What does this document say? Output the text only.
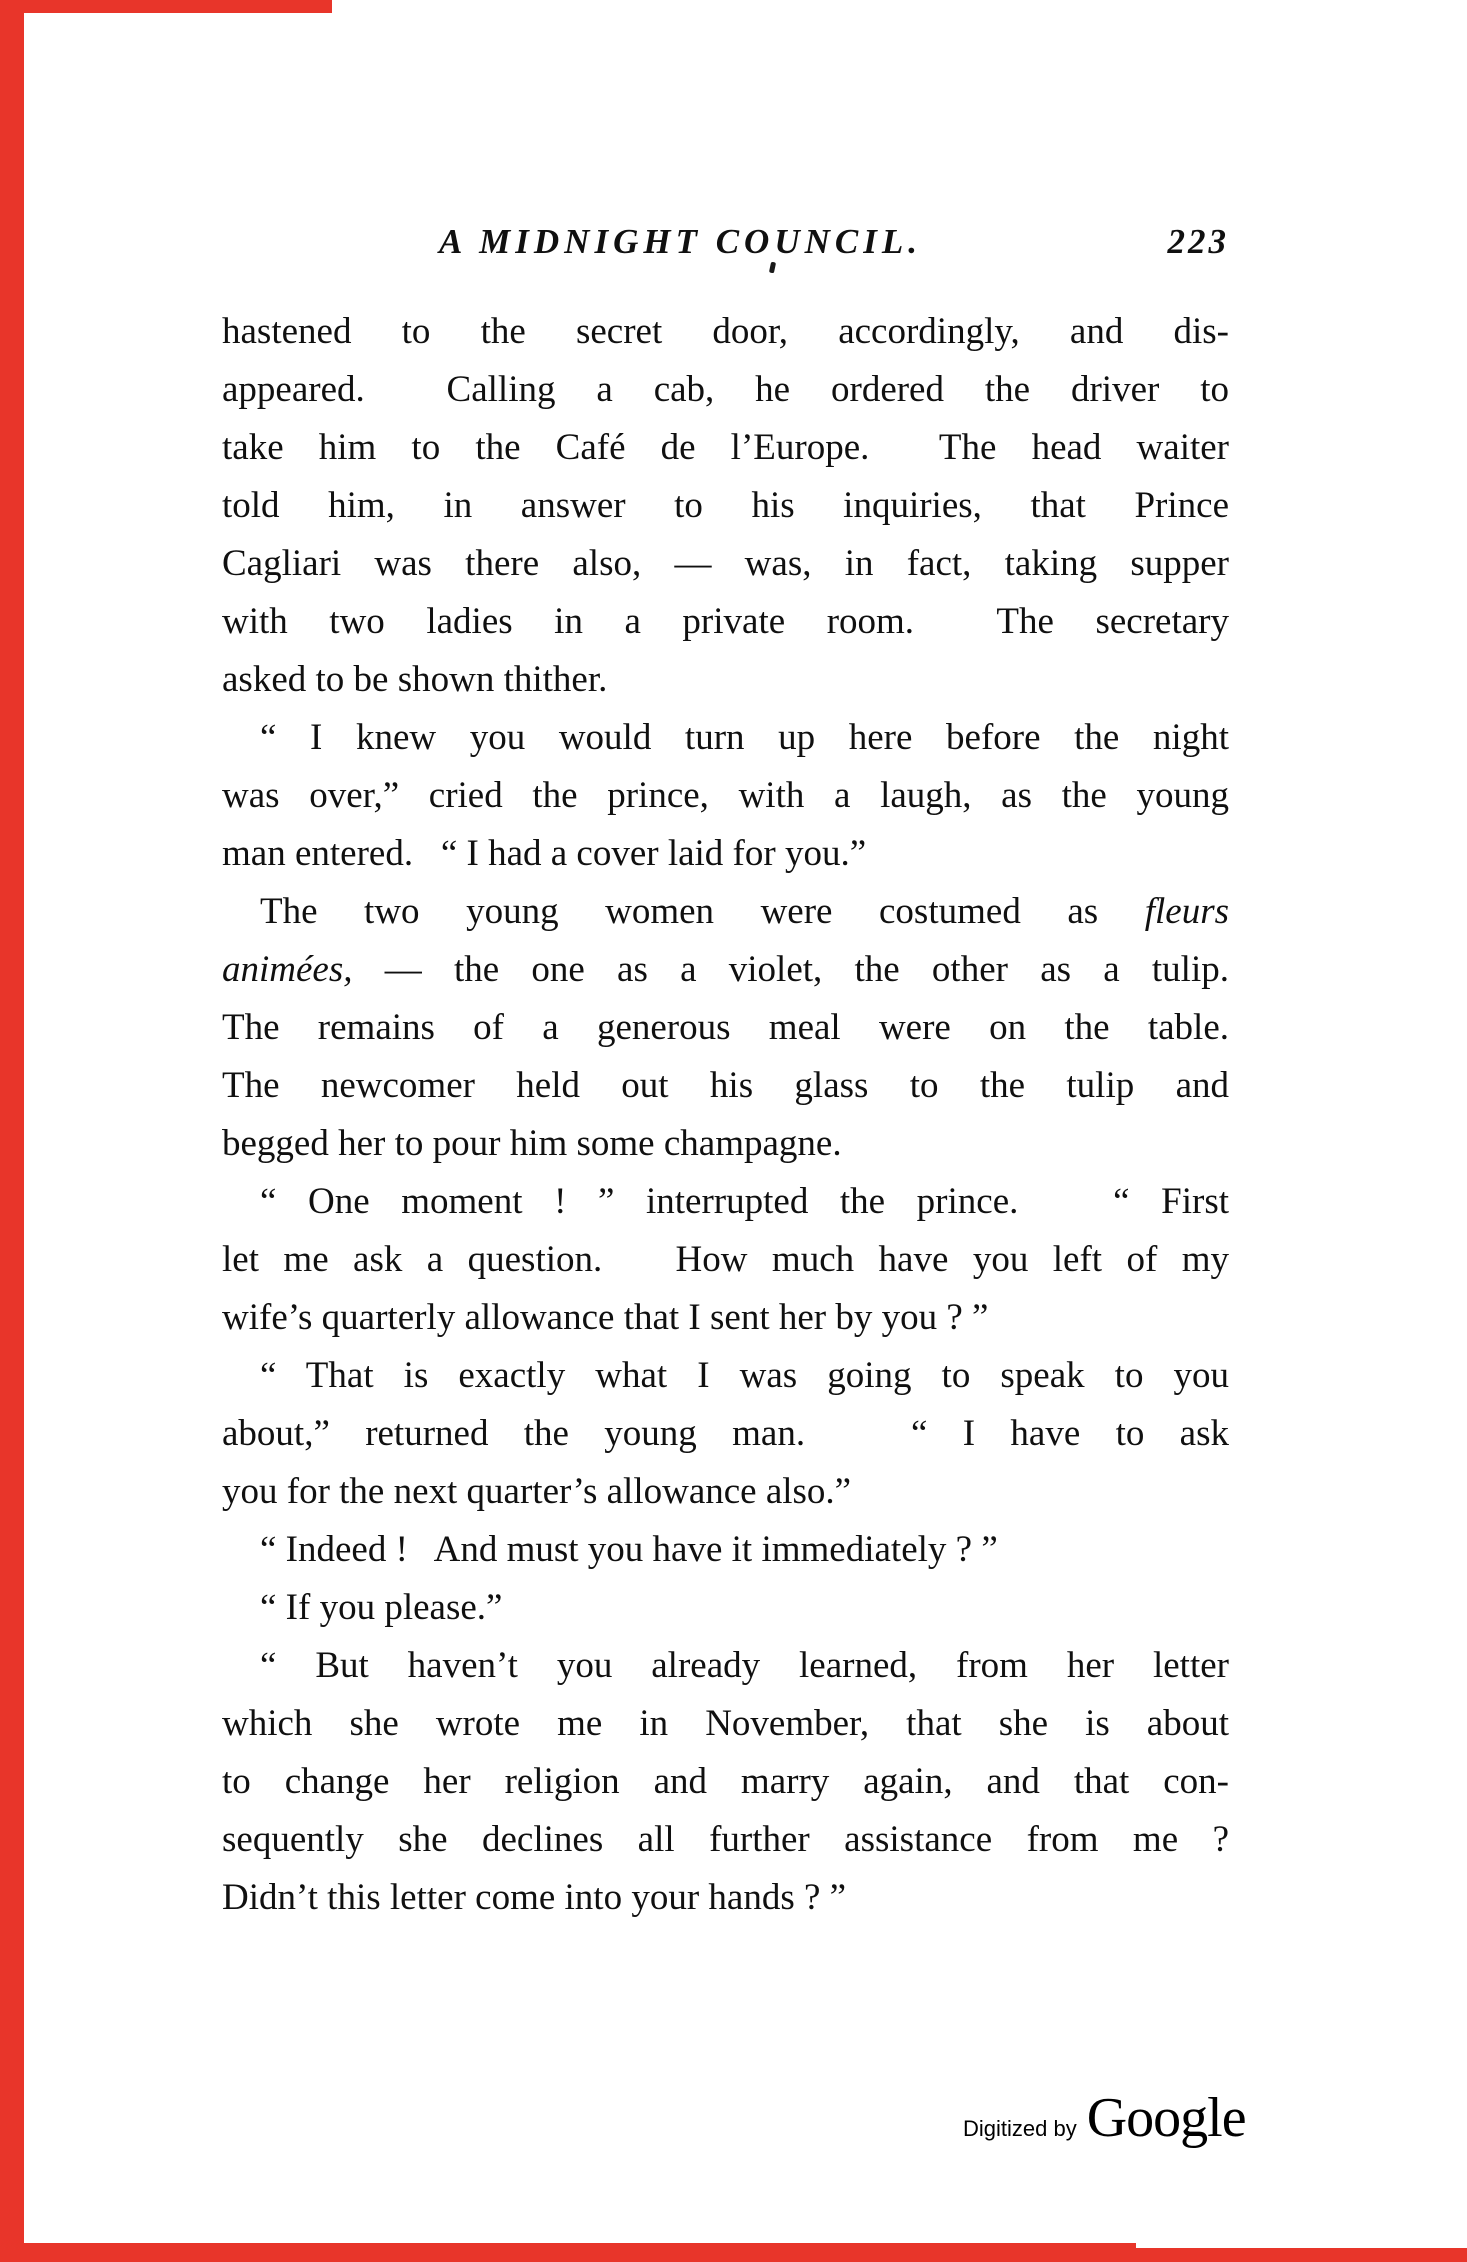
A MIDNIGHT COUNCIL.	223
hastened to the secret door, accordingly, and dis-
appeared.  Calling a cab, he ordered the driver to
take him to the Café de l’Europe.  The head waiter
told him, in answer to his inquiries, that Prince
Cagliari was there also, — was, in fact, taking supper
with two ladies in a private room.  The secretary
asked to be shown thither.
“ I knew you would turn up here before the night
was over,” cried the prince, with a laugh, as the young
man entered.   “ I had a cover laid for you.”
The two young women were costumed as fleurs
animées, — the one as a violet, the other as a tulip.
The remains of a generous meal were on the table.
The newcomer held out his glass to the tulip and
begged her to pour him some champagne.
“ One moment ! ” interrupted the prince.   “ First
let me ask a question.   How much have you left of my
wife’s quarterly allowance that I sent her by you ? ”
“ That is exactly what I was going to speak to you
about,” returned the young man.   “ I have to ask
you for the next quarter’s allowance also.”
“ Indeed !   And must you have it immediately ? ”
“ If you please.”
“ But haven’t you already learned, from her letter
which she wrote me in November, that she is about
to change her religion and marry again, and that con-
sequently she declines all further assistance from me ?
Didn’t this letter come into your hands ? ”
Digitized by Google
